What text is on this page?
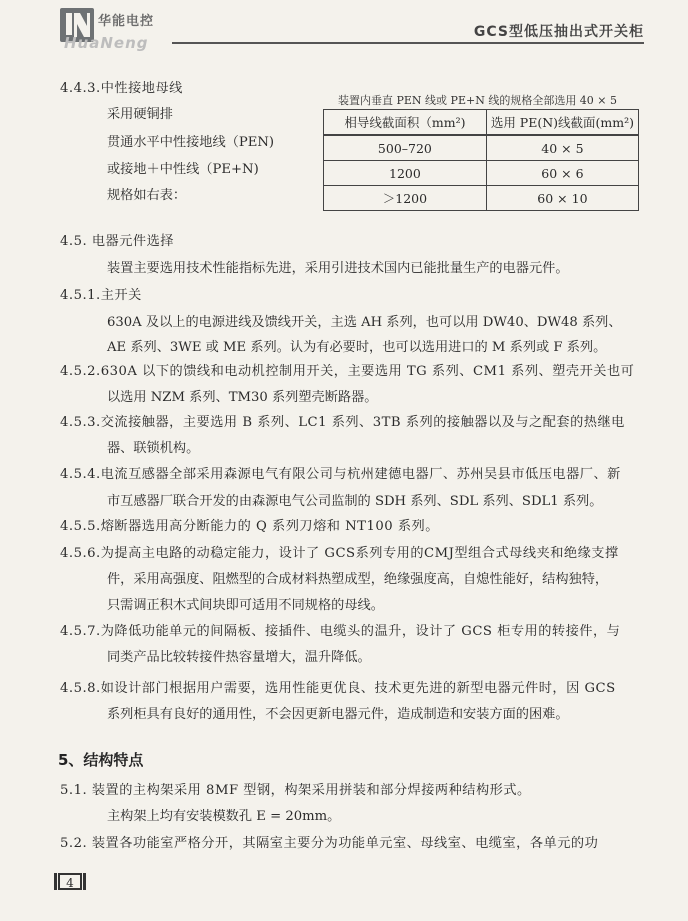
华能电控
HuaNeng
GCS型低压抽出式开关柜
4.4.3.中性接地母线
采用硬铜排
贯通水平中性接地线（PEN)
或接地＋中性线（PE+N)
规格如右表：
装置内垂直 PEN 线或 PE+N 线的规格全部选用 40 × 5
相导线截面积（mm²)	选用 PE(N)线截面(mm²)
500–720	40 × 5
1200	60 × 6
＞1200	60 × 10
4.5. 电器元件选择
装置主要选用技术性能指标先进，采用引进技术国内已能批量生产的电器元件。
4.5.1.主开关
630A 及以上的电源进线及馈线开关，主选 AH 系列，也可以用 DW40、DW48 系列、
AE 系列、3WE 或 ME 系列。认为有必要时，也可以选用进口的 M 系列或 F 系列。
4.5.2.630A 以下的馈线和电动机控制用开关，主要选用 TG 系列、CM1 系列、塑壳开关也可
以选用 NZM 系列、TM30 系列塑壳断路器。
4.5.3.交流接触器，主要选用 B 系列、LC1 系列、3TB 系列的接触器以及与之配套的热继电
器、联锁机构。
4.5.4.电流互感器全部采用森源电气有限公司与杭州建德电器厂、苏州吴县市低压电器厂、新
市互感器厂联合开发的由森源电气公司监制的 SDH 系列、SDL 系列、SDL1 系列。
4.5.5.熔断器选用高分断能力的 Q 系列刀熔和 NT100 系列。
4.5.6.为提高主电路的动稳定能力，设计了 GCS系列专用的CMJ型组合式母线夹和绝缘支撑
件，采用高强度、阻燃型的合成材料热塑成型，绝缘强度高，自熄性能好，结构独特，
只需调正积木式间块即可适用不同规格的母线。
4.5.7.为降低功能单元的间隔板、接插件、电缆头的温升，设计了 GCS 柜专用的转接件，与
同类产品比较转接件热容量增大，温升降低。
4.5.8.如设计部门根据用户需要，选用性能更优良、技术更先进的新型电器元件时，因 GCS
系列柜具有良好的通用性，不会因更新电器元件，造成制造和安装方面的困难。
5、结构特点
5.1. 装置的主构架采用 8MF 型钢，构架采用拼装和部分焊接两种结构形式。
主构架上均有安装模数孔 E = 20mm。
5.2. 装置各功能室严格分开，其隔室主要分为功能单元室、母线室、电缆室，各单元的功
4
